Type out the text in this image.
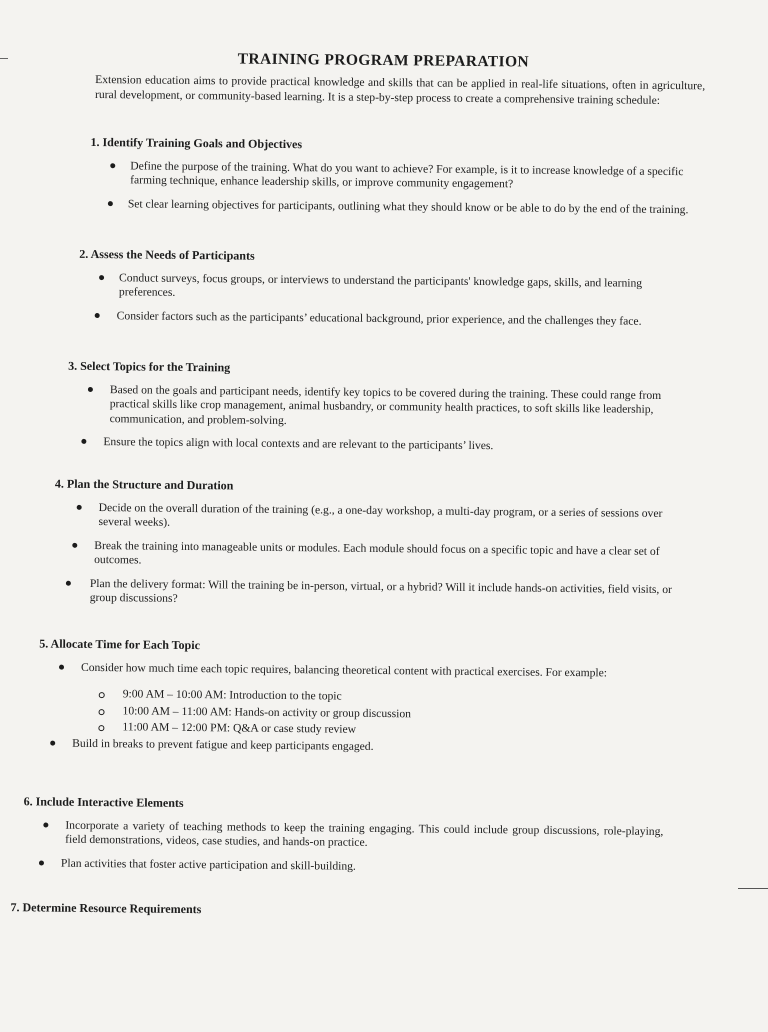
TRAINING PROGRAM PREPARATION
Extension education aims to provide practical knowledge and skills that can be applied in real-life situations, often in agriculture, rural development, or community-based learning. It is a step-by-step process to create a comprehensive training schedule:
1. Identify Training Goals and Objectives
Define the purpose of the training. What do you want to achieve? For example, is it to increase knowledge of a specific farming technique, enhance leadership skills, or improve community engagement?
Set clear learning objectives for participants, outlining what they should know or be able to do by the end of the training.
2. Assess the Needs of Participants
Conduct surveys, focus groups, or interviews to understand the participants' knowledge gaps, skills, and learning preferences.
Consider factors such as the participants’ educational background, prior experience, and the challenges they face.
3. Select Topics for the Training
Based on the goals and participant needs, identify key topics to be covered during the training. These could range from practical skills like crop management, animal husbandry, or community health practices, to soft skills like leadership, communication, and problem-solving.
Ensure the topics align with local contexts and are relevant to the participants’ lives.
4. Plan the Structure and Duration
Decide on the overall duration of the training (e.g., a one-day workshop, a multi-day program, or a series of sessions over several weeks).
Break the training into manageable units or modules. Each module should focus on a specific topic and have a clear set of outcomes.
Plan the delivery format: Will the training be in-person, virtual, or a hybrid? Will it include hands-on activities, field visits, or group discussions?
5. Allocate Time for Each Topic
Consider how much time each topic requires, balancing theoretical content with practical exercises. For example:
9:00 AM – 10:00 AM: Introduction to the topic
10:00 AM – 11:00 AM: Hands-on activity or group discussion
11:00 AM – 12:00 PM: Q&A or case study review
Build in breaks to prevent fatigue and keep participants engaged.
6. Include Interactive Elements
Incorporate a variety of teaching methods to keep the training engaging. This could include group discussions, role-playing, field demonstrations, videos, case studies, and hands-on practice.
Plan activities that foster active participation and skill-building.
7. Determine Resource Requirements
